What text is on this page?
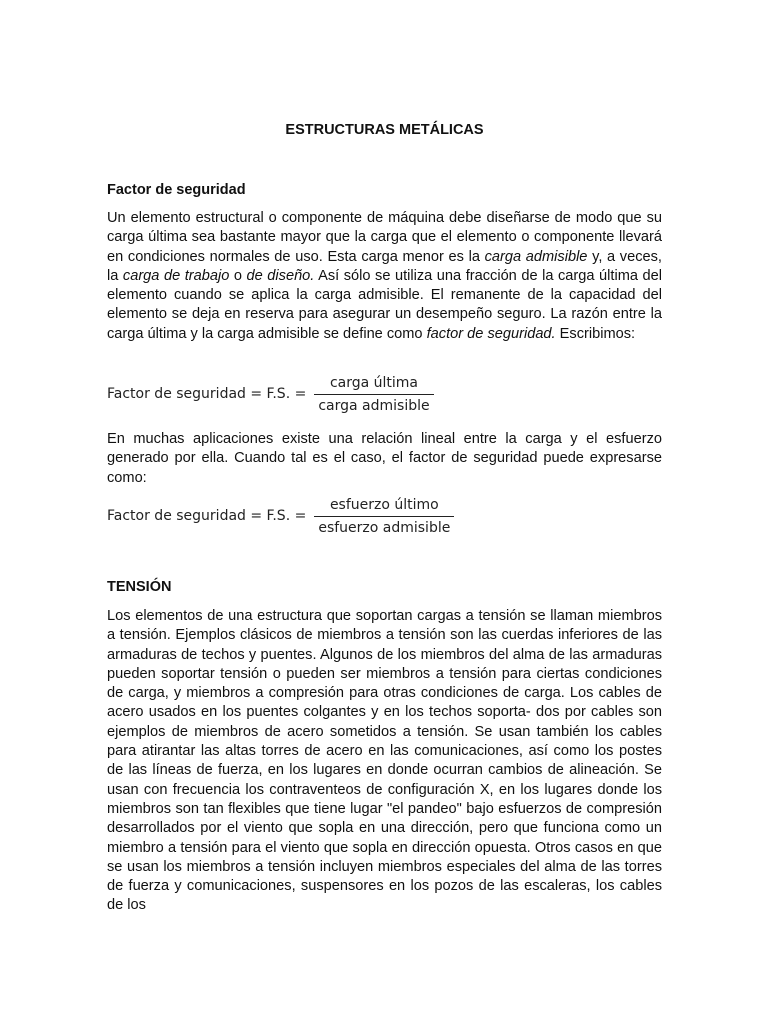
ESTRUCTURAS METÁLICAS
Factor de seguridad

Un elemento estructural o componente de máquina debe diseñarse de modo que su carga última sea bastante mayor que la carga que el elemento o componente llevará en condiciones normales de uso. Esta carga menor es la carga admisible y, a veces, la carga de trabajo o de diseño. Así sólo se utiliza una fracción de la carga última del elemento cuando se aplica la carga admisible. El remanente de la capacidad del elemento se deja en reserva para asegurar un desempeño seguro. La razón entre la carga última y la carga admisible se define como factor de seguridad. Escribimos:

Factor de seguridad = F.S. = $\frac{\text{carga última}}{\text{carga admisible}}$

En muchas aplicaciones existe una relación lineal entre la carga y el esfuerzo generado por ella. Cuando tal es el caso, el factor de seguridad puede expresarse como:

Factor de seguridad = F.S. = $\frac{\text{esfuerzo último}}{\text{esfuerzo admisible}}$
TENSIÓN

Los elementos de una estructura que soportan cargas a tensión se llaman miembros a tensión. Ejemplos clásicos de miembros a tensión son las cuerdas inferiores de las armaduras de techos y puentes. Algunos de los miembros del alma de las armaduras pueden soportar tensión o pueden ser miembros a tensión para ciertas condiciones de carga, y miembros a compresión para otras condiciones de carga. Los cables de acero usados en los puentes colgantes y en los techos soporta- dos por cables son ejemplos de miembros de acero sometidos a tensión. Se usan también los cables para atirantar las altas torres de acero en las comunicaciones, así como los postes de las líneas de fuerza, en los lugares en donde ocurran cambios de alineación. Se usan con frecuencia los contraventeos de configuración X, en los lugares donde los miembros son tan flexibles que tiene lugar "el pandeo" bajo esfuerzos de compresión desarrollados por el viento que sopla en una dirección, pero que funciona como un miembro a tensión para el viento que sopla en dirección opuesta. Otros casos en que se usan los miembros a tensión incluyen miembros especiales del alma de las torres de fuerza y comunicaciones, suspensores en los pozos de las escaleras, los cables de los
